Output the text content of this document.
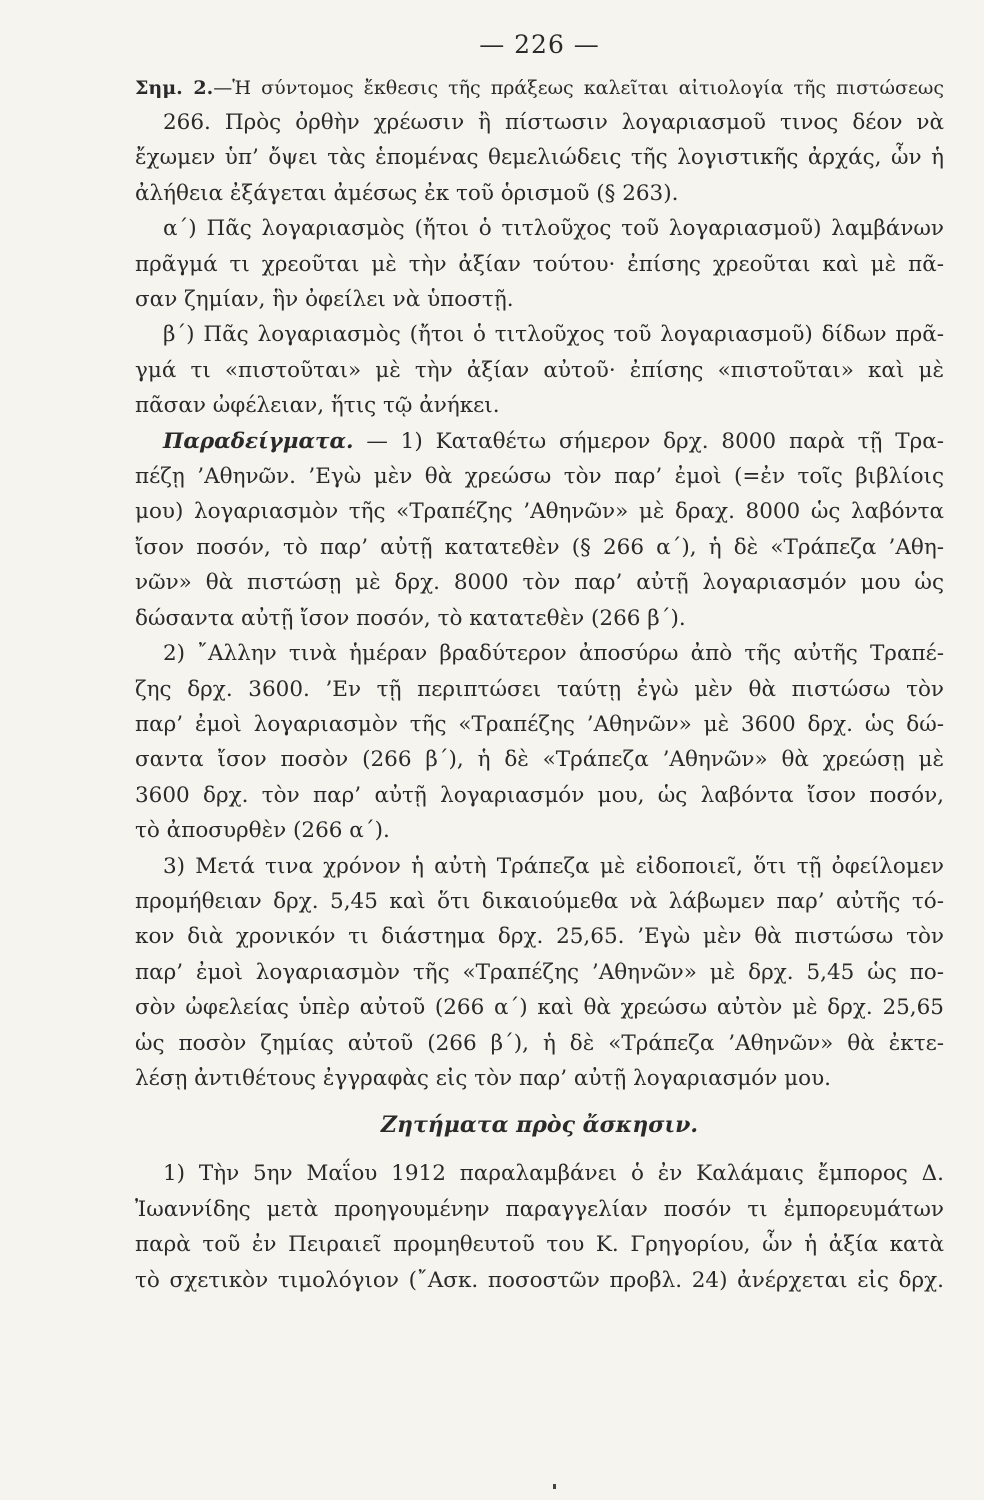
— 226 —
Σημ. 2.—Ἡ σύντομος ἔκθεσις τῆς πράξεως καλεῖται αἰτιολογία τῆς πιστώσεως
266. Πρὸς ὀρθὴν χρέωσιν ἢ πίστωσιν λογαριασμοῦ τινος δέον νὰ
ἔχωμεν ὑπ’ ὄψει τὰς ἑπομένας θεμελιώδεις τῆς λογιστικῆς ἀρχάς, ὧν ἡ
ἀλήθεια ἐξάγεται ἀμέσως ἐκ τοῦ ὁρισμοῦ (§ 263).
α΄) Πᾶς λογαριασμὸς (ἤτοι ὁ τιτλοῦχος τοῦ λογαριασμοῦ) λαμβάνων
πρᾶγμά τι χρεοῦται μὲ τὴν ἀξίαν τούτου· ἐπίσης χρεοῦται καὶ μὲ πᾶ-
σαν ζημίαν, ἣν ὀφείλει νὰ ὑποστῇ.
β΄) Πᾶς λογαριασμὸς (ἤτοι ὁ τιτλοῦχος τοῦ λογαριασμοῦ) δίδων πρᾶ-
γμά τι «πιστοῦται» μὲ τὴν ἀξίαν αὐτοῦ· ἐπίσης «πιστοῦται» καὶ μὲ
πᾶσαν ὠφέλειαν, ἥτις τῷ ἀνήκει.
Παραδείγματα. — 1) Καταθέτω σήμερον δρχ. 8000 παρὰ τῇ Τρα-
πέζῃ ’Αθηνῶν. ’Εγὼ μὲν θὰ χρεώσω τὸν παρ’ ἐμοὶ (=ἐν τοῖς βιβλίοις
μου) λογαριασμὸν τῆς «Τραπέζης ’Αθηνῶν» μὲ δραχ. 8000 ὡς λαβόντα
ἴσον ποσόν, τὸ παρ’ αὐτῇ κατατεθὲν (§ 266 α΄), ἡ δὲ «Τράπεζα ’Αθη-
νῶν» θὰ πιστώσῃ μὲ δρχ. 8000 τὸν παρ’ αὐτῇ λογαριασμόν μου ὡς
δώσαντα αὐτῇ ἴσον ποσόν, τὸ κατατεθὲν (266 β΄).
2) ῎Αλλην τινὰ ἡμέραν βραδύτερον ἀποσύρω ἀπὸ τῆς αὐτῆς Τραπέ-
ζης δρχ. 3600. ’Εν τῇ περιπτώσει ταύτῃ ἐγὼ μὲν θὰ πιστώσω τὸν
παρ’ ἐμοὶ λογαριασμὸν τῆς «Τραπέζης ’Αθηνῶν» μὲ 3600 δρχ. ὡς δώ-
σαντα ἴσον ποσὸν (266 β΄), ἡ δὲ «Τράπεζα ’Αθηνῶν» θὰ χρεώσῃ μὲ
3600 δρχ. τὸν παρ’ αὐτῇ λογαριασμόν μου, ὡς λαβόντα ἴσον ποσόν,
τὸ ἀποσυρθὲν (266 α΄).
3) Μετά τινα χρόνον ἡ αὐτὴ Τράπεζα μὲ εἰδοποιεῖ, ὅτι τῇ ὀφείλομεν
προμήθειαν δρχ. 5,45 καὶ ὅτι δικαιούμεθα νὰ λάβωμεν παρ’ αὐτῆς τό-
κον διὰ χρονικόν τι διάστημα δρχ. 25,65. ’Εγὼ μὲν θὰ πιστώσω τὸν
παρ’ ἐμοὶ λογαριασμὸν τῆς «Τραπέζης ’Αθηνῶν» μὲ δρχ. 5,45 ὡς πο-
σὸν ὠφελείας ὑπὲρ αὐτοῦ (266 α΄) καὶ θὰ χρεώσω αὐτὸν μὲ δρχ. 25,65
ὡς ποσὸν ζημίας αὐτοῦ (266 β΄), ἡ δὲ «Τράπεζα ’Αθηνῶν» θὰ ἐκτε-
λέσῃ ἀντιθέτους ἐγγραφὰς εἰς τὸν παρ’ αὐτῇ λογαριασμόν μου.
Ζητήματα πρὸς ἄσκησιν.
1) Τὴν 5ην Μαΐου 1912 παραλαμβάνει ὁ ἐν Καλάμαις ἔμπορος Δ.
Ἰωαννίδης μετὰ προηγουμένην παραγγελίαν ποσόν τι ἐμπορευμάτων
παρὰ τοῦ ἐν Πειραιεῖ προμηθευτοῦ του Κ. Γρηγορίου, ὧν ἡ ἀξία κατὰ
τὸ σχετικὸν τιμολόγιον (῎Ασκ. ποσοστῶν προβλ. 24) ἀνέρχεται εἰς δρχ.
